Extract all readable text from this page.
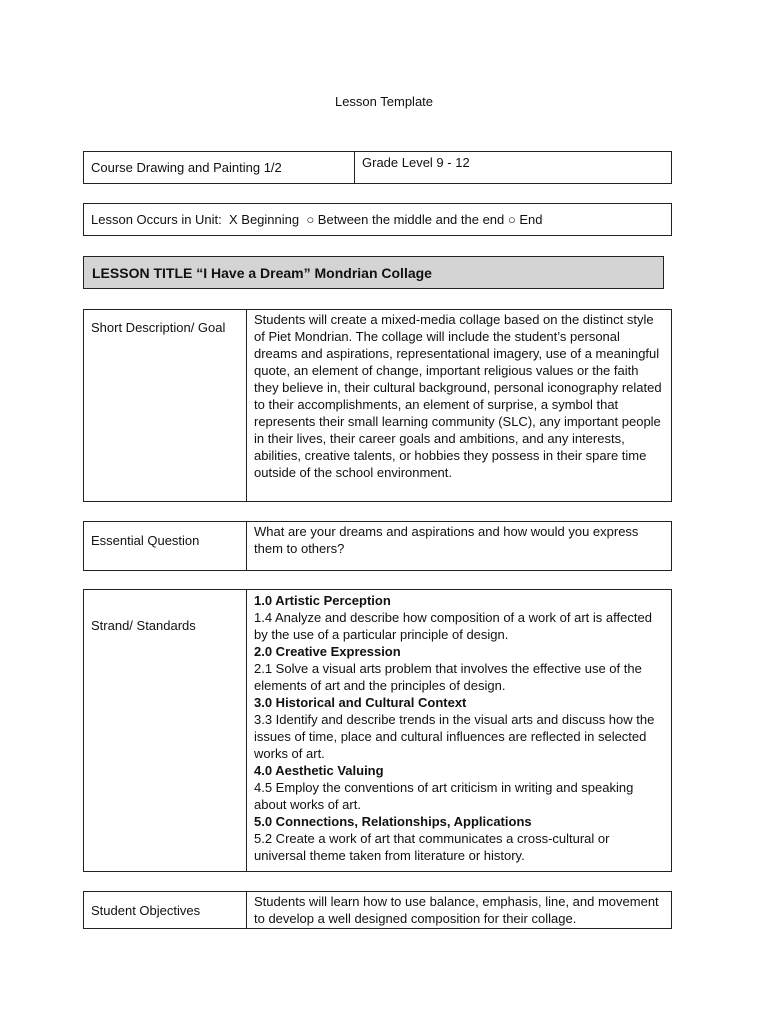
Lesson Template
Course Drawing and Painting 1/2	Grade Level 9 - 12
Lesson Occurs in Unit:  X Beginning  ○ Between the middle and the end ○ End
LESSON TITLE “I Have a Dream” Mondrian Collage
Short Description/ Goal
Students will create a mixed-media collage based on the distinct style of Piet Mondrian. The collage will include the student’s personal dreams and aspirations, representational imagery, use of a meaningful quote, an element of change, important religious values or the faith they believe in, their cultural background, personal iconography related to their accomplishments, an element of surprise, a symbol that represents their small learning community (SLC), any important people in their lives, their career goals and ambitions, and any interests, abilities, creative talents, or hobbies they possess in their spare time outside of the school environment.
Essential Question
What are your dreams and aspirations and how would you express them to others?
Strand/ Standards
1.0 Artistic Perception
1.4 Analyze and describe how composition of a work of art is affected by the use of a particular principle of design.
2.0 Creative Expression
2.1 Solve a visual arts problem that involves the effective use of the elements of art and the principles of design.
3.0 Historical and Cultural Context
3.3 Identify and describe trends in the visual arts and discuss how the issues of time, place and cultural influences are reflected in selected works of art.
4.0 Aesthetic Valuing
4.5 Employ the conventions of art criticism in writing and speaking about works of art.
5.0 Connections, Relationships, Applications
5.2 Create a work of art that communicates a cross-cultural or universal theme taken from literature or history.
Student Objectives
Students will learn how to use balance, emphasis, line, and movement to develop a well designed composition for their collage.
